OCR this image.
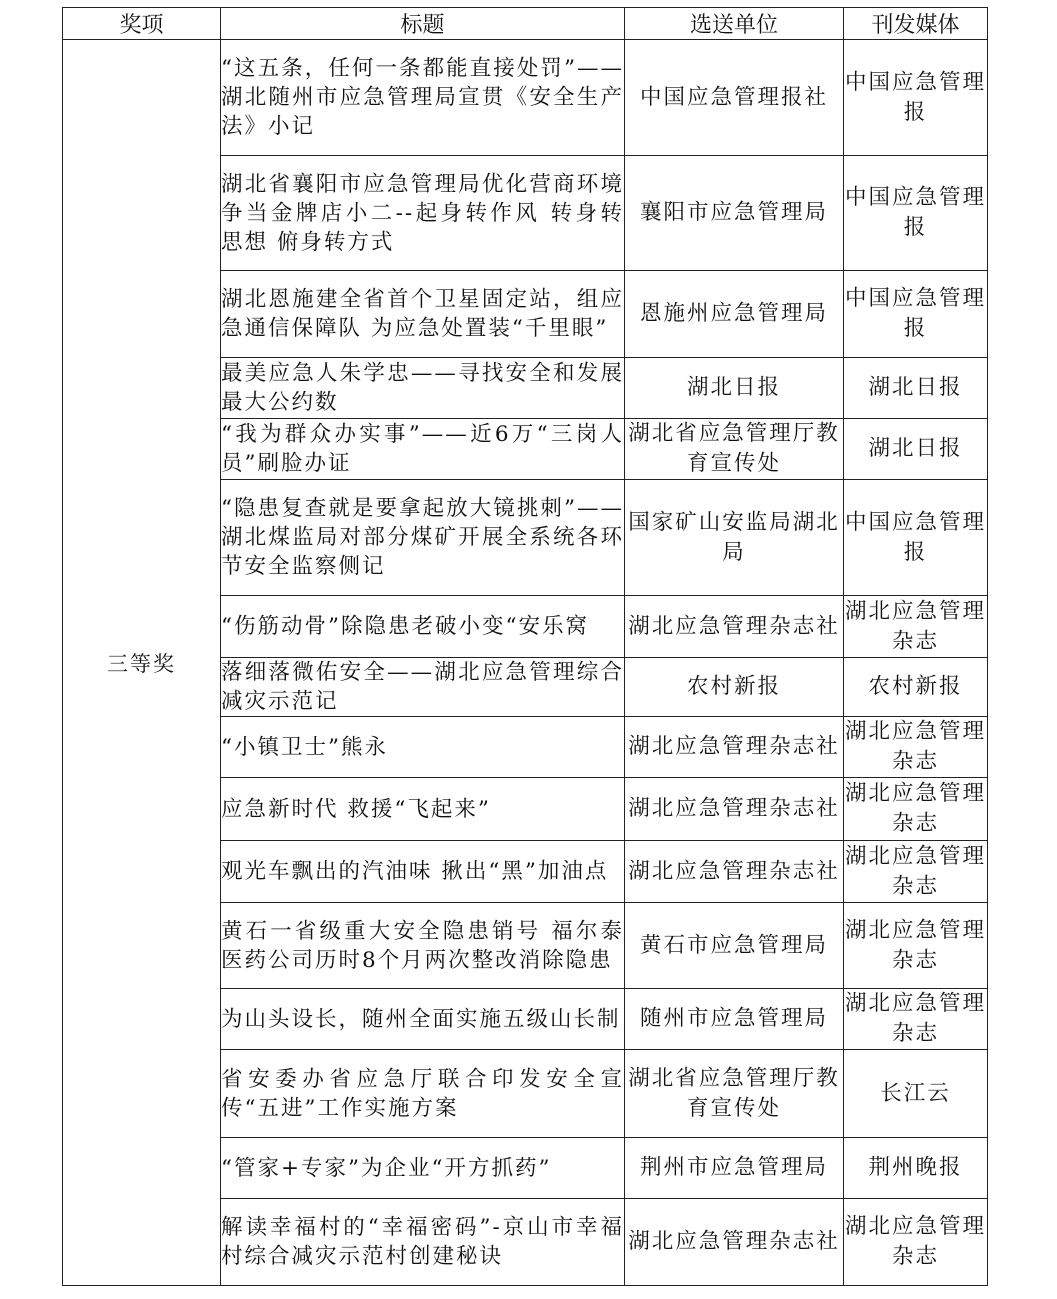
奖项	标题	选送单位	刊发媒体
三等奖	“这五条，任何一条都能直接处罚”——湖北随州市应急管理局宣贯《安全生产法》小记	中国应急管理报社	中国应急管理报
	湖北省襄阳市应急管理局优化营商环境 争当金牌店小二--起身转作风 转身转思想 俯身转方式	襄阳市应急管理局	中国应急管理报
	湖北恩施建全省首个卫星固定站，组应急通信保障队 为应急处置装“千里眼”	恩施州应急管理局	中国应急管理报
	最美应急人朱学忠——寻找安全和发展最大公约数	湖北日报	湖北日报
	“我为群众办实事”——近6万“三岗人员”刷脸办证	湖北省应急管理厅教育宣传处	湖北日报
	“隐患复查就是要拿起放大镜挑刺”——湖北煤监局对部分煤矿开展全系统各环节安全监察侧记	国家矿山安监局湖北局	中国应急管理报
	“伤筋动骨”除隐患老破小变“安乐窝	湖北应急管理杂志社	湖北应急管理杂志
	落细落微佑安全——湖北应急管理综合减灾示范记	农村新报	农村新报
	“小镇卫士”熊永	湖北应急管理杂志社	湖北应急管理杂志
	应急新时代 救援“飞起来”	湖北应急管理杂志社	湖北应急管理杂志
	观光车飘出的汽油味 揪出“黑”加油点	湖北应急管理杂志社	湖北应急管理杂志
	黄石一省级重大安全隐患销号 福尔泰医药公司历时8个月两次整改消除隐患	黄石市应急管理局	湖北应急管理杂志
	为山头设长，随州全面实施五级山长制	随州市应急管理局	湖北应急管理杂志
	省安委办省应急厅联合印发安全宣传“五进”工作实施方案	湖北省应急管理厅教育宣传处	长江云
	“管家+专家”为企业“开方抓药”	荆州市应急管理局	荆州晚报
	解读幸福村的“幸福密码”-京山市幸福村综合减灾示范村创建秘诀	湖北应急管理杂志社	湖北应急管理杂志
